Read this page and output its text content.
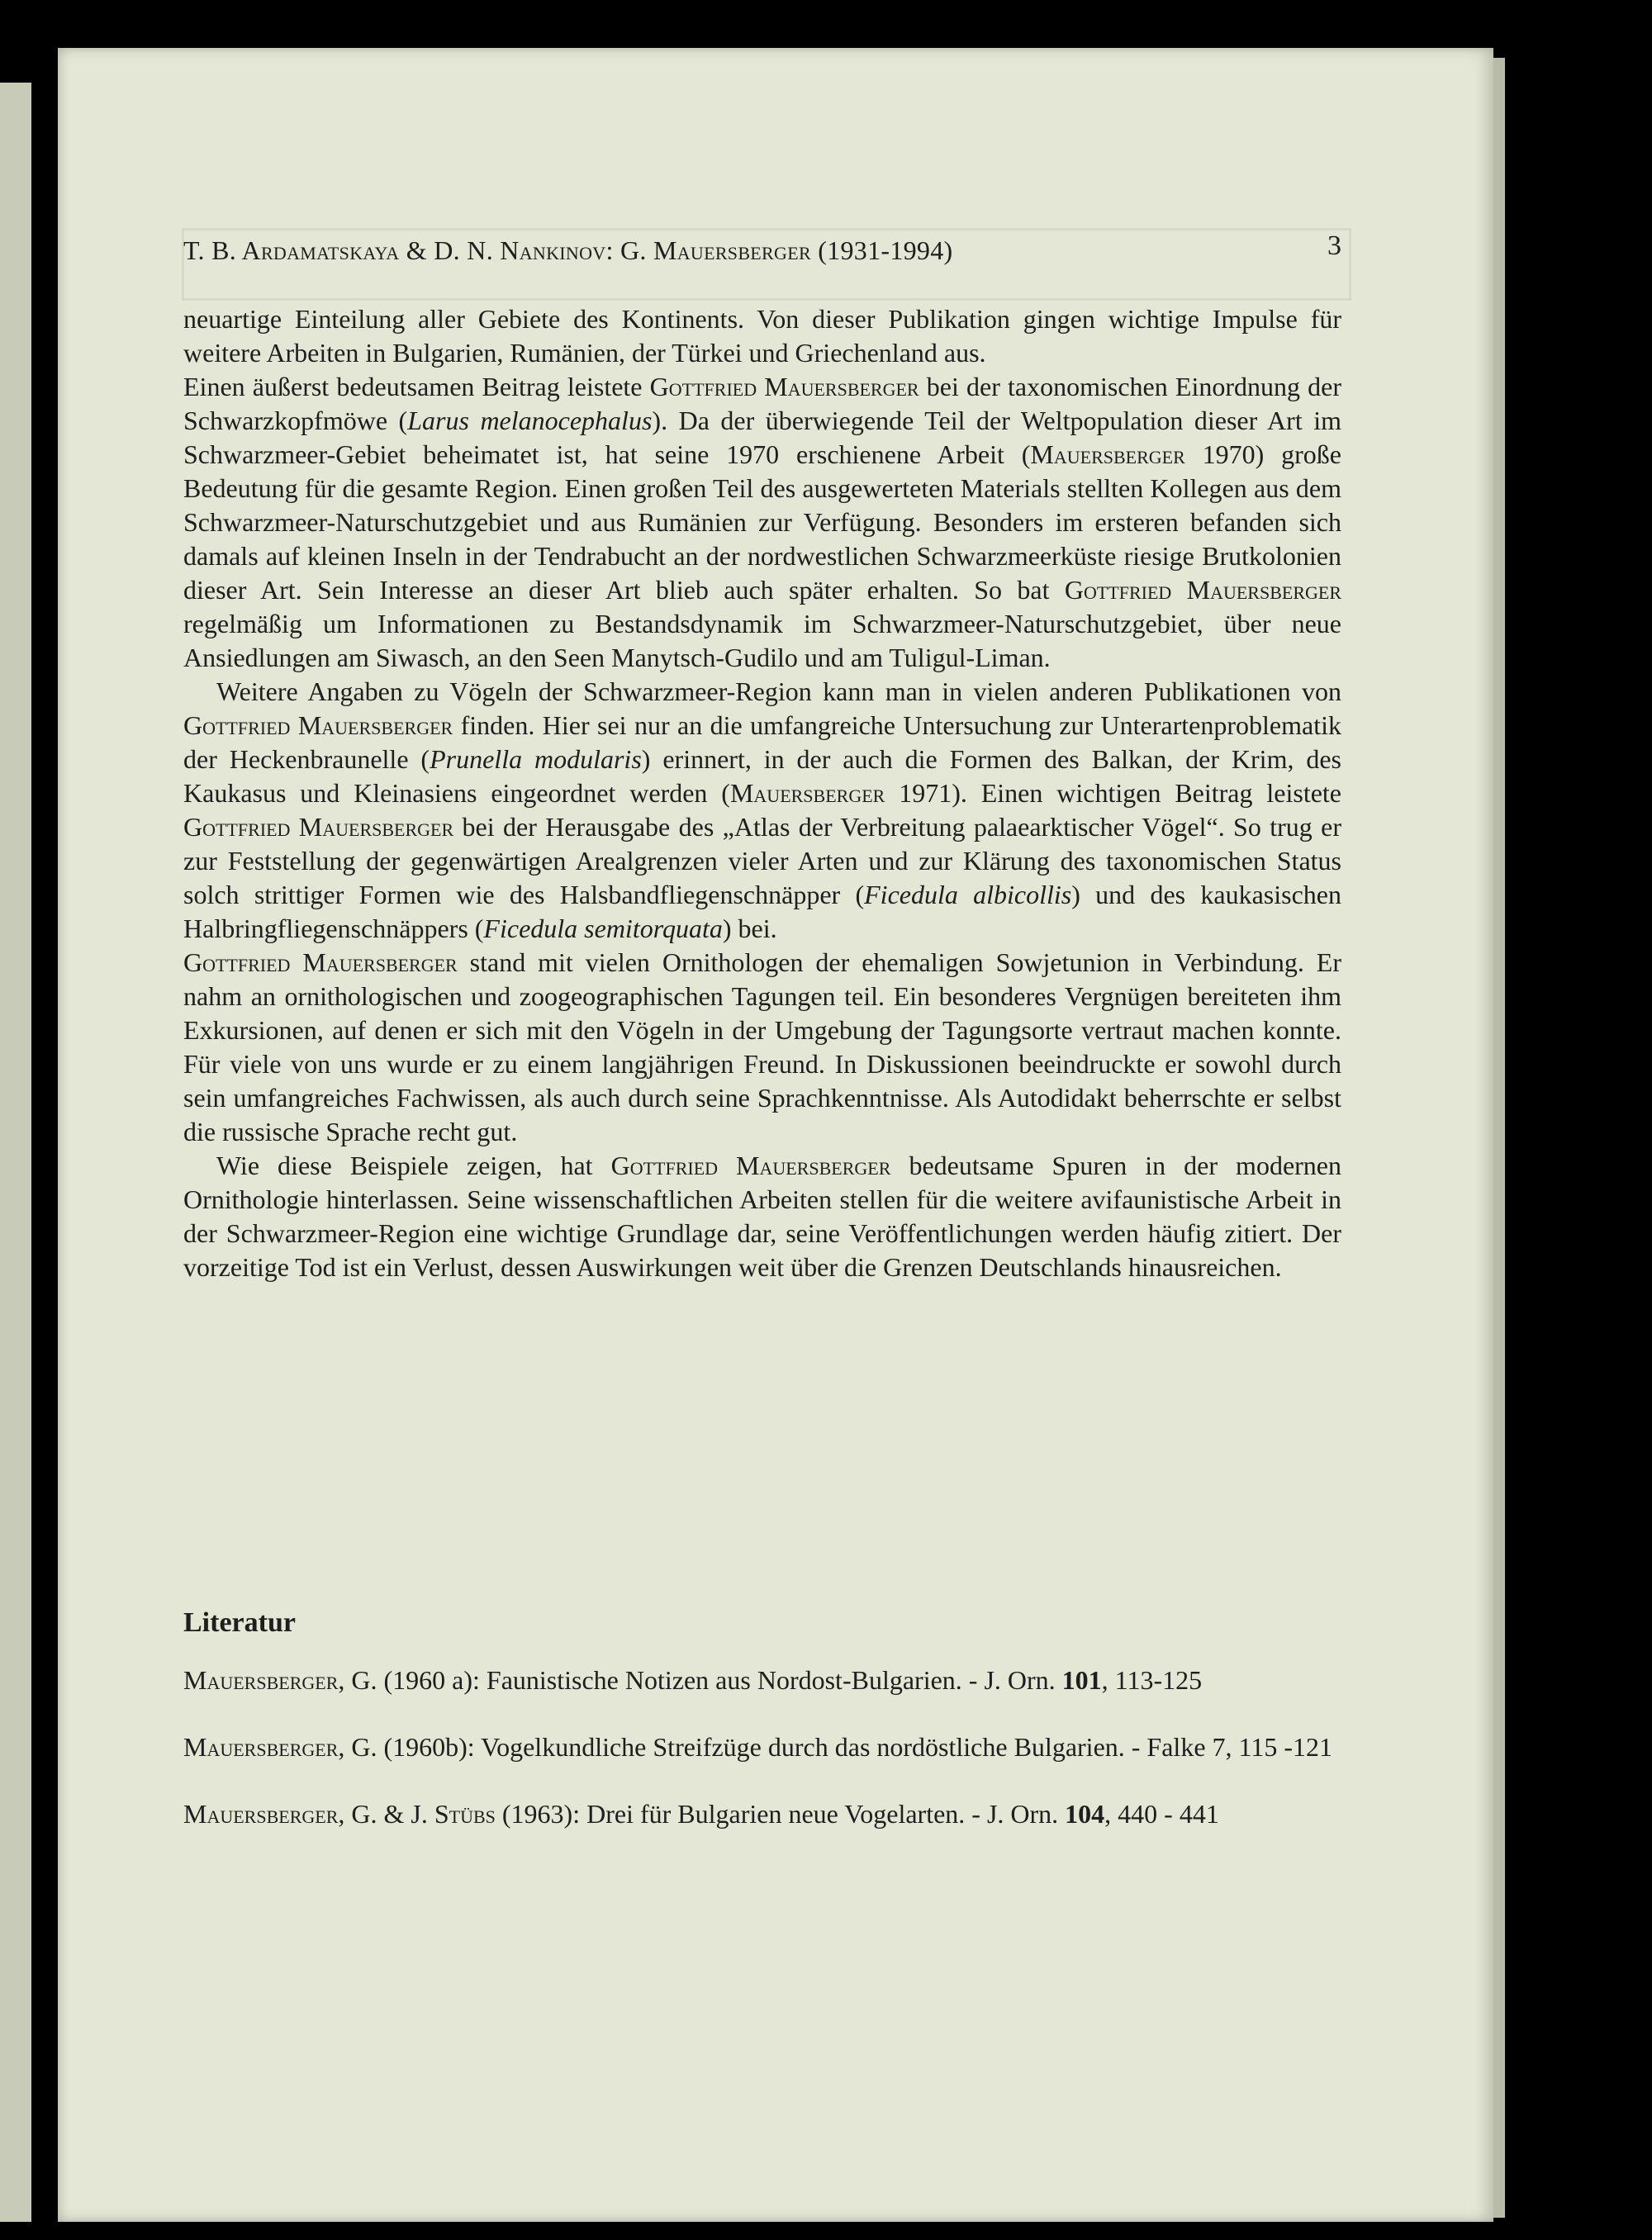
T. B. Ardamatskaya & D. N. Nankinov: G. Mauersberger (1931-1994)	3

neuartige Einteilung aller Gebiete des Kontinents. Von dieser Publikation gingen wichtige Impulse für weitere Arbeiten in Bulgarien, Rumänien, der Türkei und Griechenland aus.

Einen äußerst bedeutsamen Beitrag leistete Gottfried Mauersberger bei der taxonomischen Einordnung der Schwarzkopfmöwe (Larus melanocephalus). Da der überwiegende Teil der Weltpopulation dieser Art im Schwarzmeer-Gebiet beheimatet ist, hat seine 1970 erschienene Arbeit (Mauersberger 1970) große Bedeutung für die gesamte Region. Einen großen Teil des ausgewerteten Materials stellten Kollegen aus dem Schwarzmeer-Naturschutzgebiet und aus Rumänien zur Verfügung. Besonders im ersteren befanden sich damals auf kleinen Inseln in der Tendrabucht an der nordwestlichen Schwarzmeerküste riesige Brutkolonien dieser Art. Sein Interesse an dieser Art blieb auch später erhalten. So bat Gottfried Mauersberger regelmäßig um Informationen zu Bestandsdynamik im Schwarzmeer-Naturschutzgebiet, über neue Ansiedlungen am Siwasch, an den Seen Manytsch-Gudilo und am Tuligul-Liman.

Weitere Angaben zu Vögeln der Schwarzmeer-Region kann man in vielen anderen Publikationen von Gottfried Mauersberger finden. Hier sei nur an die umfangreiche Untersuchung zur Unterartenproblematik der Heckenbraunelle (Prunella modularis) erinnert, in der auch die Formen des Balkan, der Krim, des Kaukasus und Kleinasiens eingeordnet werden (Mauersberger 1971). Einen wichtigen Beitrag leistete Gottfried Mauersberger bei der Herausgabe des „Atlas der Verbreitung palaearktischer Vögel“. So trug er zur Feststellung der gegenwärtigen Arealgrenzen vieler Arten und zur Klärung des taxonomischen Status solch strittiger Formen wie des Halsbandfliegenschnäpper (Ficedula albicollis) und des kaukasischen Halbringfliegenschnäppers (Ficedula semitorquata) bei.

Gottfried Mauersberger stand mit vielen Ornithologen der ehemaligen Sowjetunion in Verbindung. Er nahm an ornithologischen und zoogeographischen Tagungen teil. Ein besonderes Vergnügen bereiteten ihm Exkursionen, auf denen er sich mit den Vögeln in der Umgebung der Tagungsorte vertraut machen konnte. Für viele von uns wurde er zu einem langjährigen Freund. In Diskussionen beeindruckte er sowohl durch sein umfangreiches Fachwissen, als auch durch seine Sprachkenntnisse. Als Autodidakt beherrschte er selbst die russische Sprache recht gut.

Wie diese Beispiele zeigen, hat Gottfried Mauersberger bedeutsame Spuren in der modernen Ornithologie hinterlassen. Seine wissenschaftlichen Arbeiten stellen für die weitere avifaunistische Arbeit in der Schwarzmeer-Region eine wichtige Grundlage dar, seine Veröffentlichungen werden häufig zitiert. Der vorzeitige Tod ist ein Verlust, dessen Auswirkungen weit über die Grenzen Deutschlands hinausreichen.

Literatur

Mauersberger, G. (1960 a): Faunistische Notizen aus Nordost-Bulgarien. - J. Orn. 101, 113-125

Mauersberger, G. (1960b): Vogelkundliche Streifzüge durch das nordöstliche Bulgarien. - Falke 7, 115 -121

Mauersberger, G. & J. Stübs (1963): Drei für Bulgarien neue Vogelarten. - J. Orn. 104, 440 - 441
